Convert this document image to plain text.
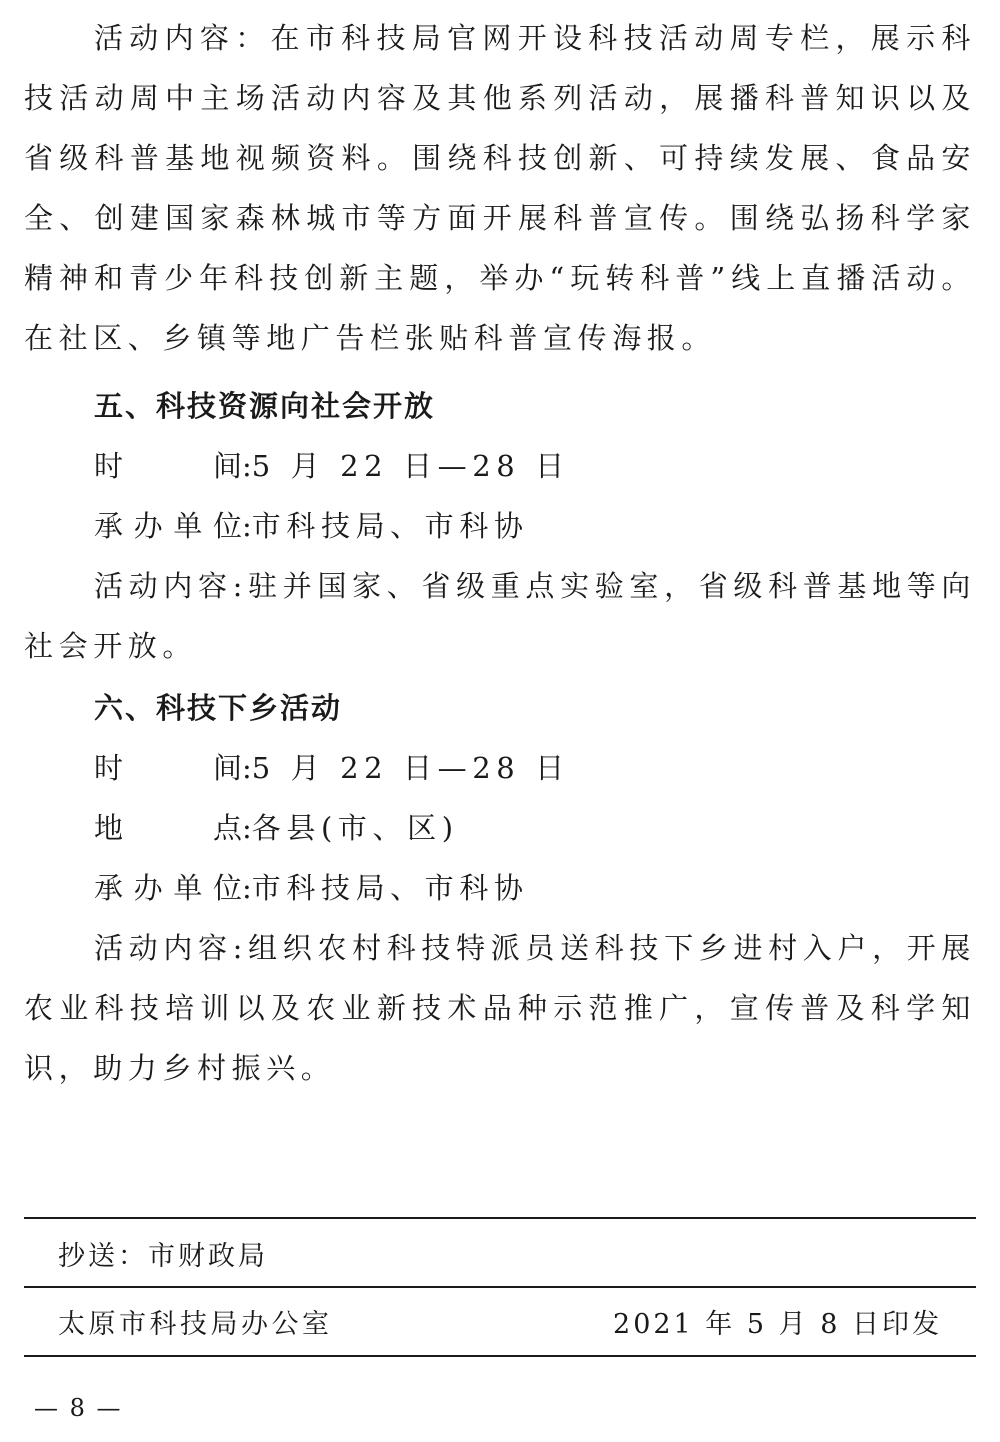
活动内容：在市科技局官网开设科技活动周专栏，展示科技活动周中主场活动内容及其他系列活动，展播科普知识以及省级科普基地视频资料。围绕科技创新、可持续发展、食品安全、创建国家森林城市等方面开展科普宣传。围绕弘扬科学家精神和青少年科技创新主题，举办“玩转科普”线上直播活动。在社区、乡镇等地广告栏张贴科普宣传海报。

五、科技资源向社会开放

时间:5 月 22 日—28 日

承办单位:市科技局、市科协

活动内容:驻并国家、省级重点实验室，省级科普基地等向社会开放。

六、科技下乡活动

时间:5 月 22 日—28 日

地点:各县(市、区)

承办单位:市科技局、市科协

活动内容:组织农村科技特派员送科技下乡进村入户，开展农业科技培训以及农业新技术品种示范推广，宣传普及科学知识，助力乡村振兴。

抄送：市财政局
太原市科技局办公室	2021 年 5 月 8 日印发
— 8 —
